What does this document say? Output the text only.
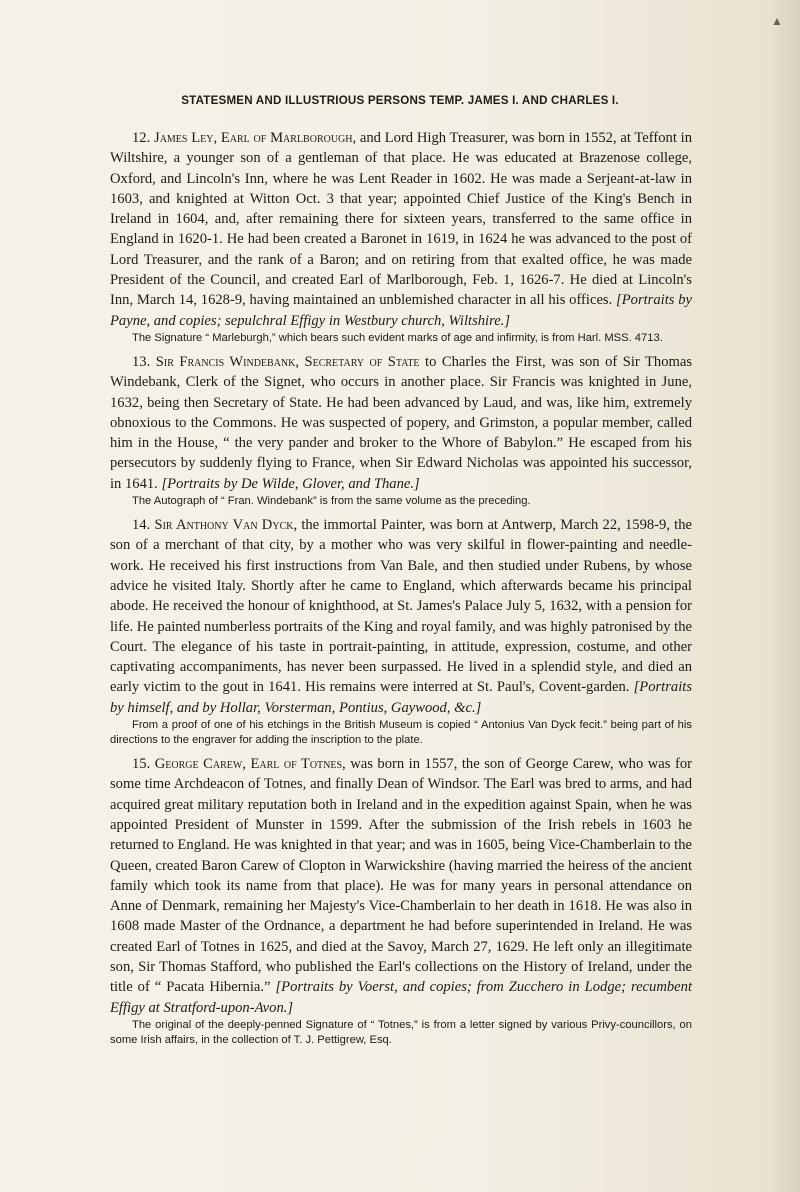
▲
STATESMEN AND ILLUSTRIOUS PERSONS TEMP. JAMES I. AND CHARLES I.

12. James Ley, Earl of Marlborough, and Lord High Treasurer, was born in 1552, at Teffont in Wiltshire, a younger son of a gentleman of that place. He was educated at Brazenose college, Oxford, and Lincoln's Inn, where he was Lent Reader in 1602. He was made a Serjeant-at-law in 1603, and knighted at Witton Oct. 3 that year; appointed Chief Justice of the King's Bench in Ireland in 1604, and, after remaining there for sixteen years, transferred to the same office in England in 1620-1. He had been created a Baronet in 1619, in 1624 he was advanced to the post of Lord Treasurer, and the rank of a Baron; and on retiring from that exalted office, he was made President of the Council, and created Earl of Marlborough, Feb. 1, 1626-7. He died at Lincoln's Inn, March 14, 1628-9, having maintained an unblemished character in all his offices. [Portraits by Payne, and copies; sepulchral Effigy in Westbury church, Wiltshire.]

The Signature “ Marleburgh,” which bears such evident marks of age and infirmity, is from Harl. MSS. 4713.

13. Sir Francis Windebank, Secretary of State to Charles the First, was son of Sir Thomas Windebank, Clerk of the Signet, who occurs in another place. Sir Francis was knighted in June, 1632, being then Secretary of State. He had been advanced by Laud, and was, like him, extremely obnoxious to the Commons. He was suspected of popery, and Grimston, a popular member, called him in the House, “ the very pander and broker to the Whore of Babylon.” He escaped from his persecutors by suddenly flying to France, when Sir Edward Nicholas was appointed his successor, in 1641. [Portraits by De Wilde, Glover, and Thane.]

The Autograph of “ Fran. Windebank” is from the same volume as the preceding.

14. Sir Anthony Van Dyck, the immortal Painter, was born at Antwerp, March 22, 1598-9, the son of a merchant of that city, by a mother who was very skilful in flower-painting and needle-work. He received his first instructions from Van Bale, and then studied under Rubens, by whose advice he visited Italy. Shortly after he came to England, which afterwards became his principal abode. He received the honour of knighthood, at St. James's Palace July 5, 1632, with a pension for life. He painted numberless portraits of the King and royal family, and was highly patronised by the Court. The elegance of his taste in portrait-painting, in attitude, expression, costume, and other captivating accompaniments, has never been surpassed. He lived in a splendid style, and died an early victim to the gout in 1641. His remains were interred at St. Paul's, Covent-garden. [Portraits by himself, and by Hollar, Vorsterman, Pontius, Gaywood, &c.]

From a proof of one of his etchings in the British Museum is copied “ Antonius Van Dyck fecit.” being part of his directions to the engraver for adding the inscription to the plate.

15. George Carew, Earl of Totnes, was born in 1557, the son of George Carew, who was for some time Archdeacon of Totnes, and finally Dean of Windsor. The Earl was bred to arms, and had acquired great military reputation both in Ireland and in the expedition against Spain, when he was appointed President of Munster in 1599. After the submission of the Irish rebels in 1603 he returned to England. He was knighted in that year; and was in 1605, being Vice-Chamberlain to the Queen, created Baron Carew of Clopton in Warwickshire (having married the heiress of the ancient family which took its name from that place). He was for many years in personal attendance on Anne of Denmark, remaining her Majesty's Vice-Chamberlain to her death in 1618. He was also in 1608 made Master of the Ordnance, a department he had before superintended in Ireland. He was created Earl of Totnes in 1625, and died at the Savoy, March 27, 1629. He left only an illegitimate son, Sir Thomas Stafford, who published the Earl's collections on the History of Ireland, under the title of “ Pacata Hibernia.” [Portraits by Voerst, and copies; from Zucchero in Lodge; recumbent Effigy at Stratford-upon-Avon.]

The original of the deeply-penned Signature of “ Totnes,” is from a letter signed by various Privy-councillors, on some Irish affairs, in the collection of T. J. Pettigrew, Esq.
